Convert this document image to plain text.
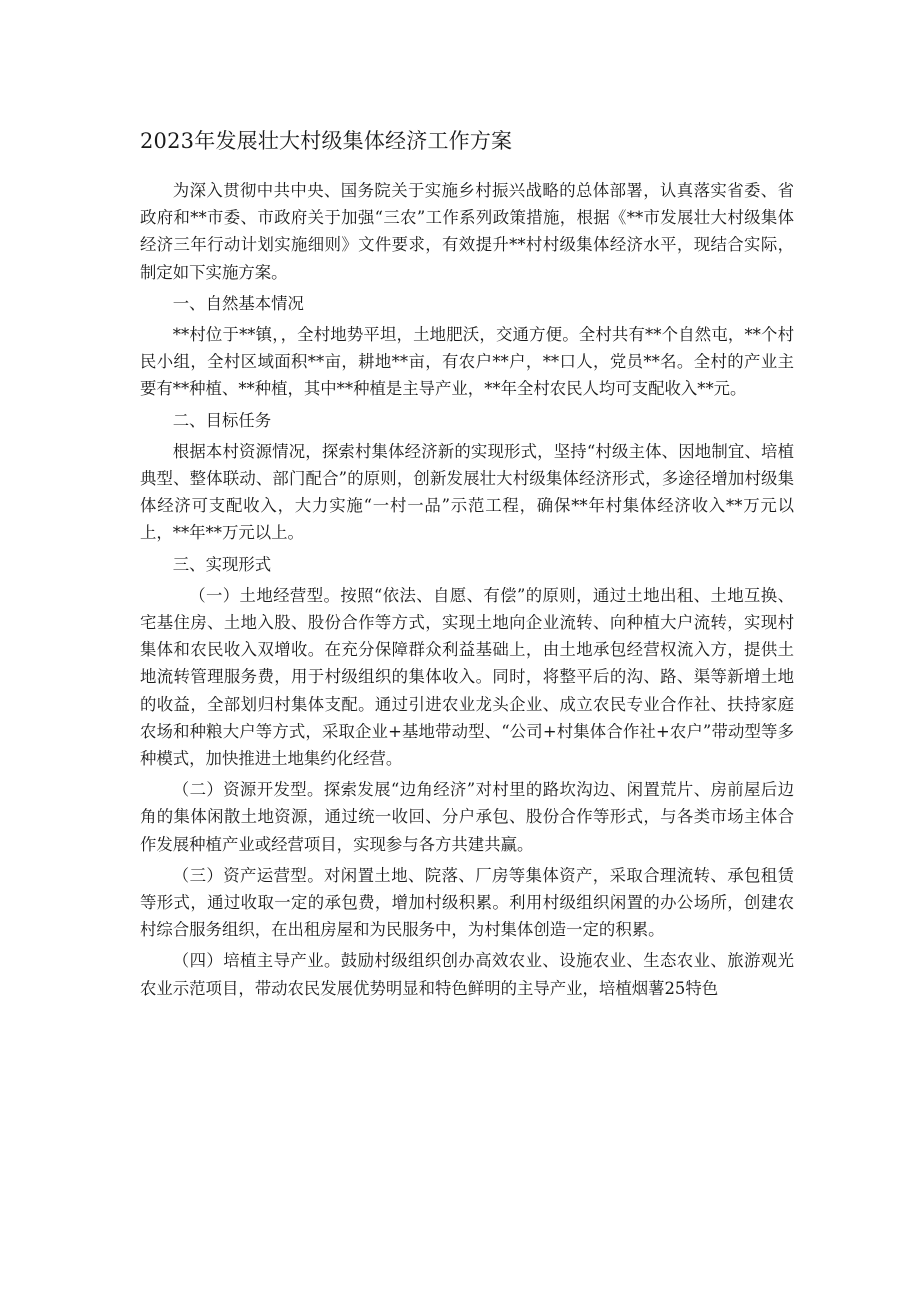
2023年发展壮大村级集体经济工作方案

为深入贯彻中共中央、国务院关于实施乡村振兴战略的总体部署，认真落实省委、省政府和**市委、市政府关于加强“三农”工作系列政策措施，根据《**市发展壮大村级集体经济三年行动计划实施细则》文件要求，有效提升**村村级集体经济水平，现结合实际，制定如下实施方案。

一、自然基本情况

**村位于**镇，，全村地势平坦，土地肥沃，交通方便。全村共有**个自然屯，**个村民小组，全村区域面积**亩，耕地**亩，有农户**户，**口人，党员**名。全村的产业主要有**种植、**种植，其中**种植是主导产业，**年全村农民人均可支配收入**元。

二、目标任务

根据本村资源情况，探索村集体经济新的实现形式，坚持“村级主体、因地制宜、培植典型、整体联动、部门配合”的原则，创新发展壮大村级集体经济形式，多途径增加村级集体经济可支配收入，大力实施“一村一品”示范工程，确保**年村集体经济收入**万元以上，**年**万元以上。

三、实现形式

（一）土地经营型。按照“依法、自愿、有偿”的原则，通过土地出租、土地互换、宅基住房、土地入股、股份合作等方式，实现土地向企业流转、向种植大户流转，实现村集体和农民收入双增收。在充分保障群众利益基础上，由土地承包经营权流入方，提供土地流转管理服务费，用于村级组织的集体收入。同时，将整平后的沟、路、渠等新增土地的收益，全部划归村集体支配。通过引进农业龙头企业、成立农民专业合作社、扶持家庭农场和种粮大户等方式，采取企业+基地带动型、“公司+村集体合作社+农户”带动型等多种模式，加快推进土地集约化经营。

（二）资源开发型。探索发展“边角经济”对村里的路坎沟边、闲置荒片、房前屋后边角的集体闲散土地资源，通过统一收回、分户承包、股份合作等形式，与各类市场主体合作发展种植产业或经营项目，实现参与各方共建共赢。

（三）资产运营型。对闲置土地、院落、厂房等集体资产，采取合理流转、承包租赁等形式，通过收取一定的承包费，增加村级积累。利用村级组织闲置的办公场所，创建农村综合服务组织，在出租房屋和为民服务中，为村集体创造一定的积累。

（四）培植主导产业。鼓励村级组织创办高效农业、设施农业、生态农业、旅游观光农业示范项目，带动农民发展优势明显和特色鲜明的主导产业，培植烟薯25特色
